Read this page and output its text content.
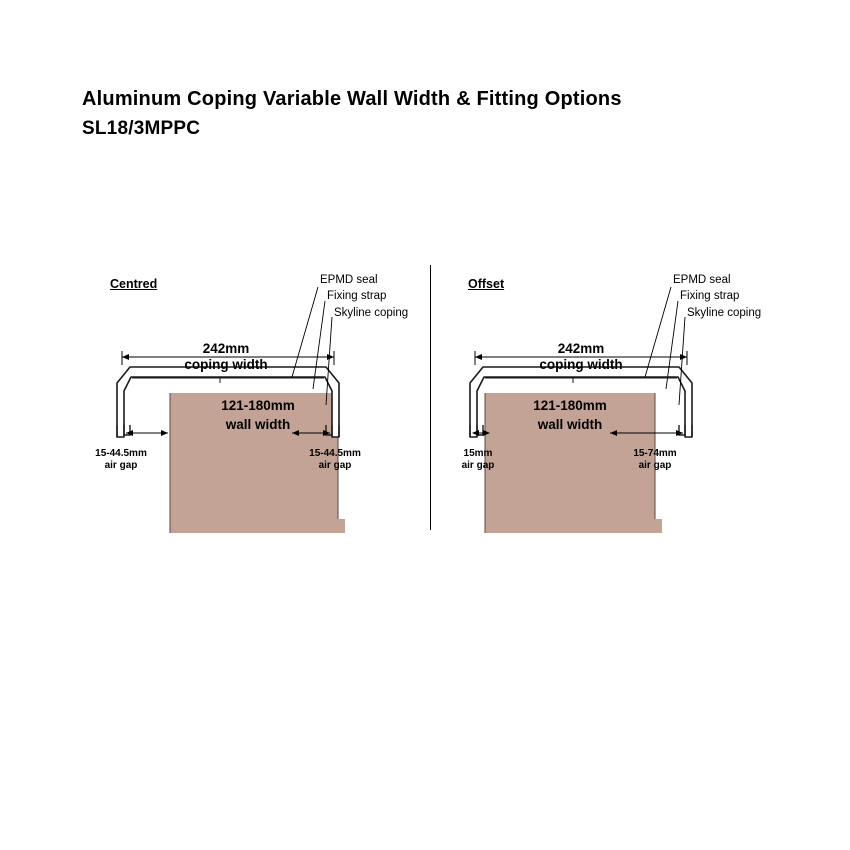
Aluminum Coping Variable Wall Width & Fitting Options
SL18/3MPPC
Centred
242mm
coping width
121-180mm
wall width
15-44.5mm
air gap
15-44.5mm
air gap
EPMD seal
Fixing strap
Skyline coping
Offset
242mm
coping width
121-180mm
wall width
15mm
air gap
15-74mm
air gap
EPMD seal
Fixing strap
Skyline coping
